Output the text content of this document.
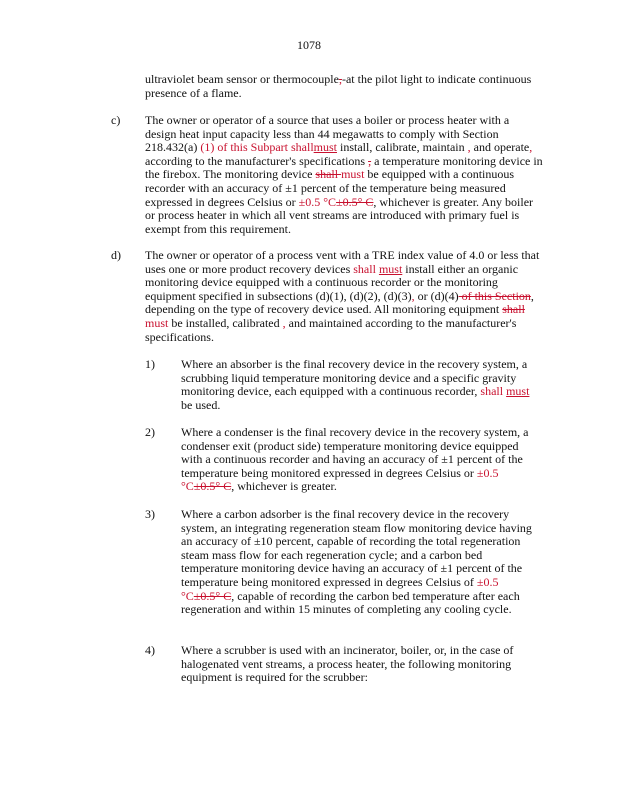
1078
ultraviolet beam sensor or thermocouple,-at the pilot light to indicate continuous
presence of a flame.
c) The owner or operator of a source that uses a boiler or process heater with a
design heat input capacity less than 44 megawatts to comply with Section
218.432(a) (1) of this Subpart shallmust install, calibrate, maintain , and operate,
according to the manufacturer's specifications , a temperature monitoring device in
the firebox. The monitoring device shall must be equipped with a continuous
recorder with an accuracy of ±1 percent of the temperature being measured
expressed in degrees Celsius or ±0.5 °C±0.5° C, whichever is greater. Any boiler
or process heater in which all vent streams are introduced with primary fuel is
exempt from this requirement.
d) The owner or operator of a process vent with a TRE index value of 4.0 or less that
uses one or more product recovery devices shall must install either an organic
monitoring device equipped with a continuous recorder or the monitoring
equipment specified in subsections (d)(1), (d)(2), (d)(3), or (d)(4) of this Section,
depending on the type of recovery device used. All monitoring equipment shall
must be installed, calibrated , and maintained according to the manufacturer's
specifications.
1) Where an absorber is the final recovery device in the recovery system, a
scrubbing liquid temperature monitoring device and a specific gravity
monitoring device, each equipped with a continuous recorder, shall must
be used.
2) Where a condenser is the final recovery device in the recovery system, a
condenser exit (product side) temperature monitoring device equipped
with a continuous recorder and having an accuracy of ±1 percent of the
temperature being monitored expressed in degrees Celsius or ±0.5
°C±0.5° C, whichever is greater.
3) Where a carbon adsorber is the final recovery device in the recovery
system, an integrating regeneration steam flow monitoring device having
an accuracy of ±10 percent, capable of recording the total regeneration
steam mass flow for each regeneration cycle; and a carbon bed
temperature monitoring device having an accuracy of ±1 percent of the
temperature being monitored expressed in degrees Celsius of ±0.5
°C±0.5° C, capable of recording the carbon bed temperature after each
regeneration and within 15 minutes of completing any cooling cycle.
4) Where a scrubber is used with an incinerator, boiler, or, in the case of
halogenated vent streams, a process heater, the following monitoring
equipment is required for the scrubber:
